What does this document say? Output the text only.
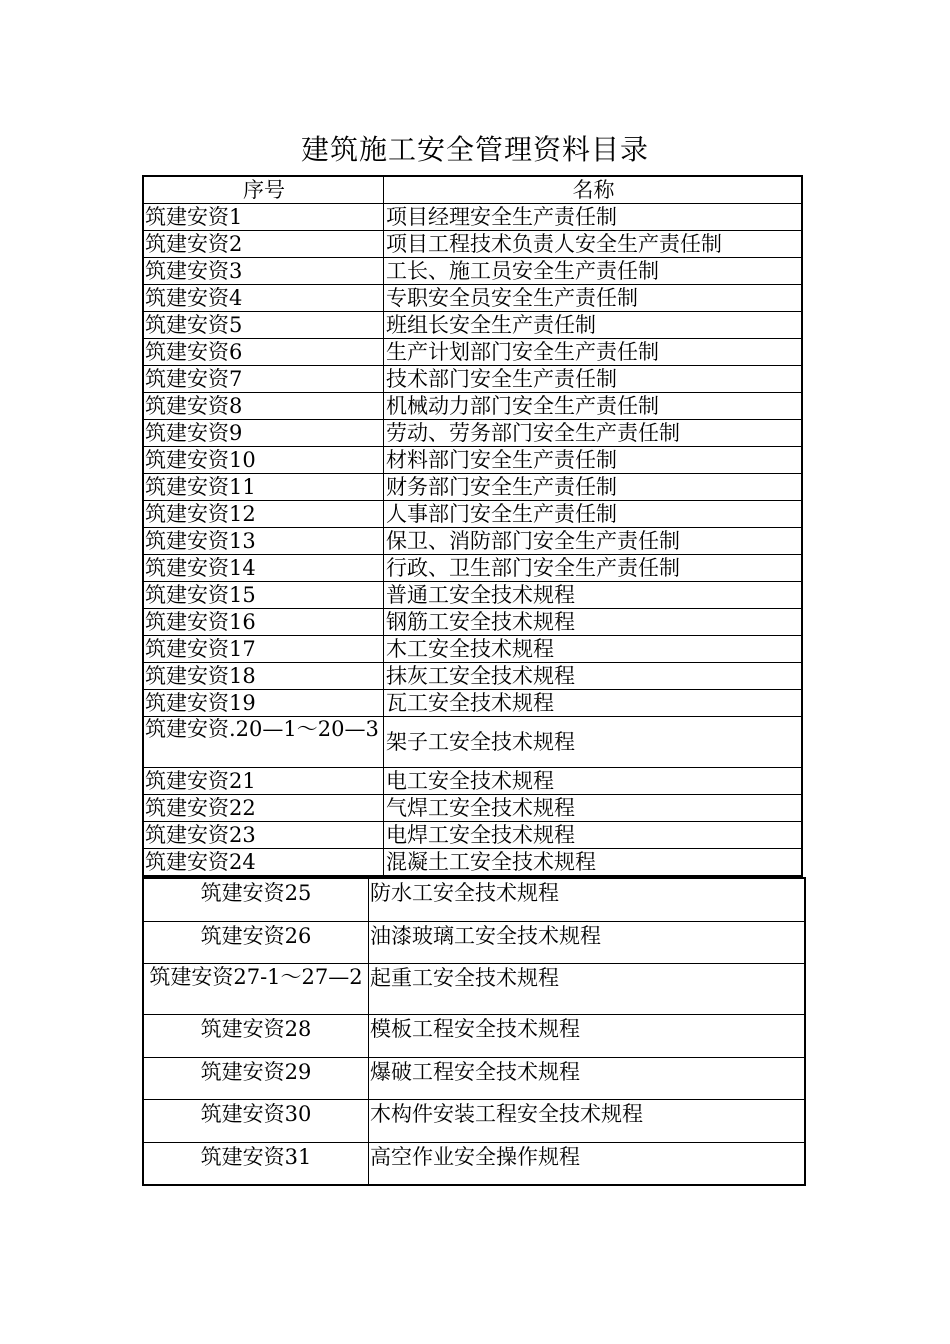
建筑施工安全管理资料目录
序号	名称
筑建安资1	项目经理安全生产责任制
筑建安资2	项目工程技术负责人安全生产责任制
筑建安资3	工长、施工员安全生产责任制
筑建安资4	专职安全员安全生产责任制
筑建安资5	班组长安全生产责任制
筑建安资6	生产计划部门安全生产责任制
筑建安资7	技术部门安全生产责任制
筑建安资8	机械动力部门安全生产责任制
筑建安资9	劳动、劳务部门安全生产责任制
筑建安资10	材料部门安全生产责任制
筑建安资11	财务部门安全生产责任制
筑建安资12	人事部门安全生产责任制
筑建安资13	保卫、消防部门安全生产责任制
筑建安资14	行政、卫生部门安全生产责任制
筑建安资15	普通工安全技术规程
筑建安资16	钢筋工安全技术规程
筑建安资17	木工安全技术规程
筑建安资18	抹灰工安全技术规程
筑建安资19	瓦工安全技术规程
筑建安资.20—1～20—3	架子工安全技术规程
筑建安资21	电工安全技术规程
筑建安资22	气焊工安全技术规程
筑建安资23	电焊工安全技术规程
筑建安资24	混凝土工安全技术规程
筑建安资25	防水工安全技术规程
筑建安资26	油漆玻璃工安全技术规程
筑建安资27-1～27—2	起重工安全技术规程
筑建安资28	模板工程安全技术规程
筑建安资29	爆破工程安全技术规程
筑建安资30	木构件安装工程安全技术规程
筑建安资31	高空作业安全操作规程
